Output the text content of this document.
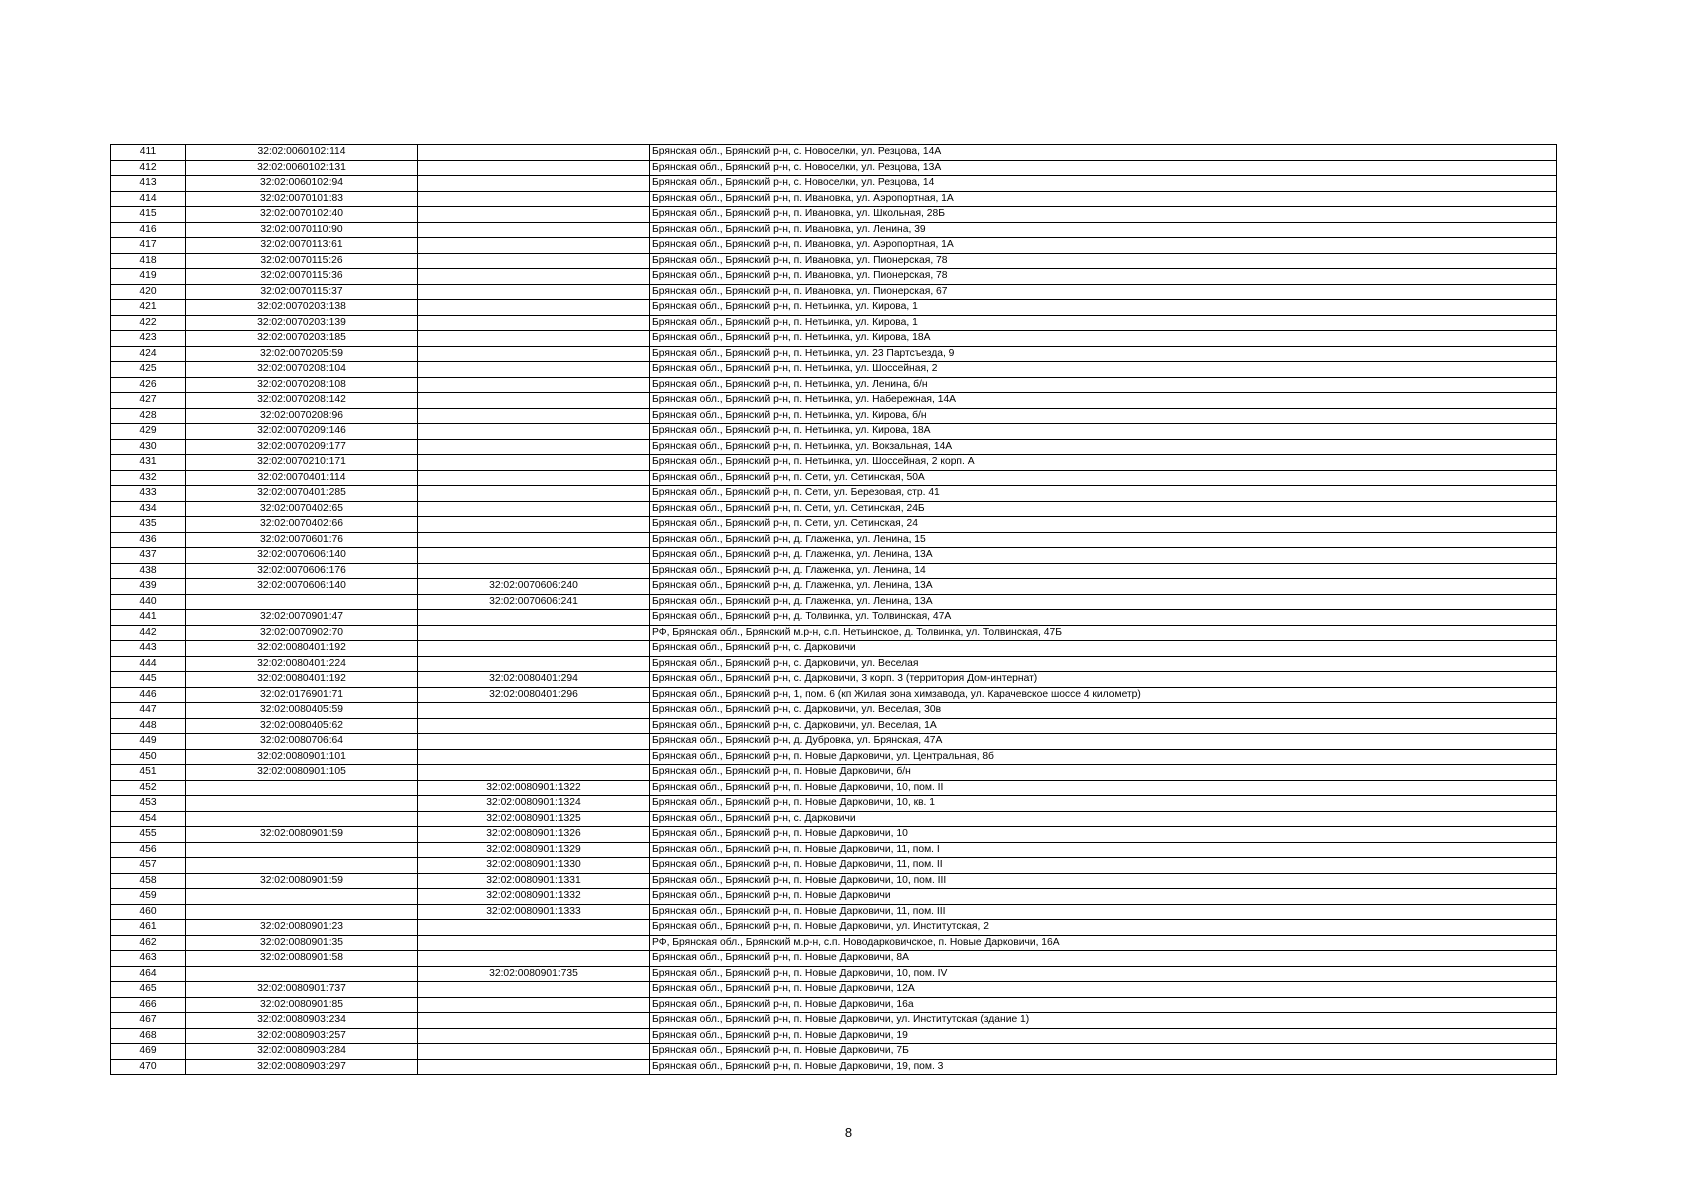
411	32:02:0060102:114		Брянская обл., Брянский р-н, с. Новоселки, ул. Резцова, 14А
412	32:02:0060102:131		Брянская обл., Брянский р-н, с. Новоселки, ул. Резцова, 13А
413	32:02:0060102:94		Брянская обл., Брянский р-н, с. Новоселки, ул. Резцова, 14
414	32:02:0070101:83		Брянская обл., Брянский р-н, п. Ивановка, ул. Аэропортная, 1А
415	32:02:0070102:40		Брянская обл., Брянский р-н, п. Ивановка, ул. Школьная, 28Б
416	32:02:0070110:90		Брянская обл., Брянский р-н, п. Ивановка, ул. Ленина, 39
417	32:02:0070113:61		Брянская обл., Брянский р-н, п. Ивановка, ул. Аэропортная, 1А
418	32:02:0070115:26		Брянская обл., Брянский р-н, п. Ивановка, ул. Пионерская, 78
419	32:02:0070115:36		Брянская обл., Брянский р-н, п. Ивановка, ул. Пионерская, 78
420	32:02:0070115:37		Брянская обл., Брянский р-н, п. Ивановка, ул. Пионерская, 67
421	32:02:0070203:138		Брянская обл., Брянский р-н, п. Нетьинка, ул. Кирова, 1
422	32:02:0070203:139		Брянская обл., Брянский р-н, п. Нетьинка, ул. Кирова, 1
423	32:02:0070203:185		Брянская обл., Брянский р-н, п. Нетьинка, ул. Кирова, 18А
424	32:02:0070205:59		Брянская обл., Брянский р-н, п. Нетьинка, ул. 23 Партсъезда, 9
425	32:02:0070208:104		Брянская обл., Брянский р-н, п. Нетьинка, ул. Шоссейная, 2
426	32:02:0070208:108		Брянская обл., Брянский р-н, п. Нетьинка, ул. Ленина, б/н
427	32:02:0070208:142		Брянская обл., Брянский р-н, п. Нетьинка, ул. Набережная, 14А
428	32:02:0070208:96		Брянская обл., Брянский р-н, п. Нетьинка, ул. Кирова, б/н
429	32:02:0070209:146		Брянская обл., Брянский р-н, п. Нетьинка, ул. Кирова, 18А
430	32:02:0070209:177		Брянская обл., Брянский р-н, п. Нетьинка, ул. Вокзальная, 14А
431	32:02:0070210:171		Брянская обл., Брянский р-н, п. Нетьинка, ул. Шоссейная, 2 корп. А
432	32:02:0070401:114		Брянская обл., Брянский р-н, п. Сети, ул. Сетинская, 50А
433	32:02:0070401:285		Брянская обл., Брянский р-н, п. Сети, ул. Березовая, стр. 41
434	32:02:0070402:65		Брянская обл., Брянский р-н, п. Сети, ул. Сетинская, 24Б
435	32:02:0070402:66		Брянская обл., Брянский р-н, п. Сети, ул. Сетинская, 24
436	32:02:0070601:76		Брянская обл., Брянский р-н, д. Глаженка, ул. Ленина, 15
437	32:02:0070606:140		Брянская обл., Брянский р-н, д. Глаженка, ул. Ленина, 13А
438	32:02:0070606:176		Брянская обл., Брянский р-н, д. Глаженка, ул. Ленина, 14
439	32:02:0070606:140	32:02:0070606:240	Брянская обл., Брянский р-н, д. Глаженка, ул. Ленина, 13А
440		32:02:0070606:241	Брянская обл., Брянский р-н, д. Глаженка, ул. Ленина, 13А
441	32:02:0070901:47		Брянская обл., Брянский р-н, д. Толвинка, ул. Толвинская, 47А
442	32:02:0070902:70		РФ, Брянская обл., Брянский м.р-н, с.п. Нетьинское, д. Толвинка, ул. Толвинская, 47Б
443	32:02:0080401:192		Брянская обл., Брянский р-н, с. Дарковичи
444	32:02:0080401:224		Брянская обл., Брянский р-н, с. Дарковичи, ул. Веселая
445	32:02:0080401:192	32:02:0080401:294	Брянская обл., Брянский р-н, с. Дарковичи, 3 корп. 3 (территория Дом-интернат)
446	32:02:0176901:71	32:02:0080401:296	Брянская обл., Брянский р-н, 1, пом. 6 (кп Жилая зона химзавода, ул. Карачевское шоссе 4 километр)
447	32:02:0080405:59		Брянская обл., Брянский р-н, с. Дарковичи, ул. Веселая, 30в
448	32:02:0080405:62		Брянская обл., Брянский р-н, с. Дарковичи, ул. Веселая, 1А
449	32:02:0080706:64		Брянская обл., Брянский р-н, д. Дубровка, ул. Брянская, 47А
450	32:02:0080901:101		Брянская обл., Брянский р-н, п. Новые Дарковичи, ул. Центральная, 8б
451	32:02:0080901:105		Брянская обл., Брянский р-н, п. Новые Дарковичи, б/н
452		32:02:0080901:1322	Брянская обл., Брянский р-н, п. Новые Дарковичи, 10, пом. II
453		32:02:0080901:1324	Брянская обл., Брянский р-н, п. Новые Дарковичи, 10, кв. 1
454		32:02:0080901:1325	Брянская обл., Брянский р-н, с. Дарковичи
455	32:02:0080901:59	32:02:0080901:1326	Брянская обл., Брянский р-н, п. Новые Дарковичи, 10
456		32:02:0080901:1329	Брянская обл., Брянский р-н, п. Новые Дарковичи, 11, пом. I
457		32:02:0080901:1330	Брянская обл., Брянский р-н, п. Новые Дарковичи, 11, пом. II
458	32:02:0080901:59	32:02:0080901:1331	Брянская обл., Брянский р-н, п. Новые Дарковичи, 10, пом. III
459		32:02:0080901:1332	Брянская обл., Брянский р-н, п. Новые Дарковичи
460		32:02:0080901:1333	Брянская обл., Брянский р-н, п. Новые Дарковичи, 11, пом. III
461	32:02:0080901:23		Брянская обл., Брянский р-н, п. Новые Дарковичи, ул. Институтская, 2
462	32:02:0080901:35		РФ, Брянская обл., Брянский м.р-н, с.п. Новодарковичское, п. Новые Дарковичи, 16А
463	32:02:0080901:58		Брянская обл., Брянский р-н, п. Новые Дарковичи, 8А
464		32:02:0080901:735	Брянская обл., Брянский р-н, п. Новые Дарковичи, 10, пом. IV
465	32:02:0080901:737		Брянская обл., Брянский р-н, п. Новые Дарковичи, 12А
466	32:02:0080901:85		Брянская обл., Брянский р-н, п. Новые Дарковичи, 16а
467	32:02:0080903:234		Брянская обл., Брянский р-н, п. Новые Дарковичи, ул. Институтская (здание 1)
468	32:02:0080903:257		Брянская обл., Брянский р-н, п. Новые Дарковичи, 19
469	32:02:0080903:284		Брянская обл., Брянский р-н, п. Новые Дарковичи, 7Б
470	32:02:0080903:297		Брянская обл., Брянский р-н, п. Новые Дарковичи, 19, пом. 3
8
